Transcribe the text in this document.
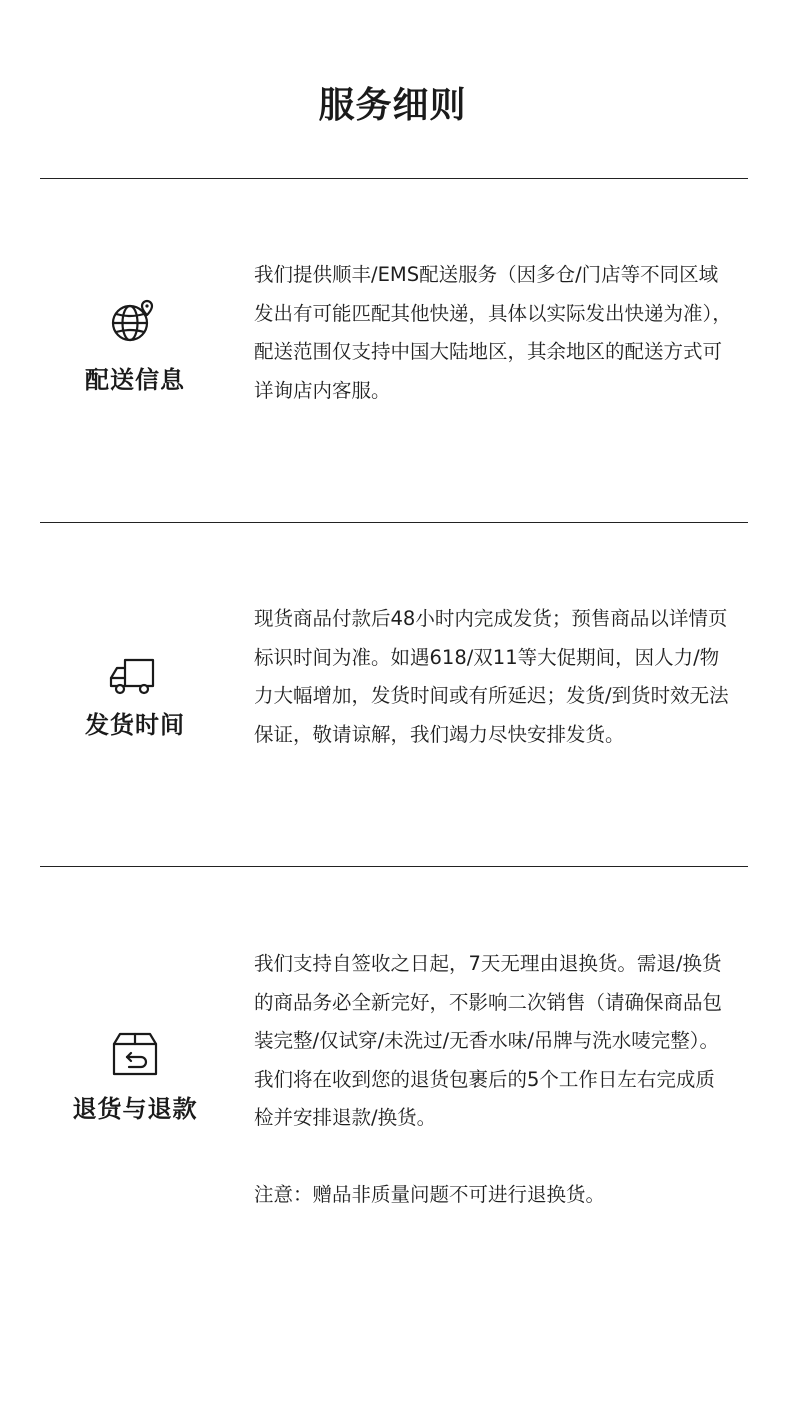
服务细则
配送信息

我们提供顺丰/EMS配送服务（因多仓/门店等不同区域发出有可能匹配其他快递，具体以实际发出快递为准），配送范围仅支持中国大陆地区，其余地区的配送方式可详询店内客服。

发货时间

现货商品付款后48小时内完成发货；预售商品以详情页标识时间为准。如遇618/双11等大促期间，因人力/物力大幅增加，发货时间或有所延迟；发货/到货时效无法保证，敬请谅解，我们竭力尽快安排发货。

退货与退款

我们支持自签收之日起，7天无理由退换货。需退/换货的商品务必全新完好，不影响二次销售（请确保商品包装完整/仅试穿/未洗过/无香水味/吊牌与洗水唛完整）。我们将在收到您的退货包裹后的5个工作日左右完成质检并安排退款/换货。

注意：赠品非质量问题不可进行退换货。
